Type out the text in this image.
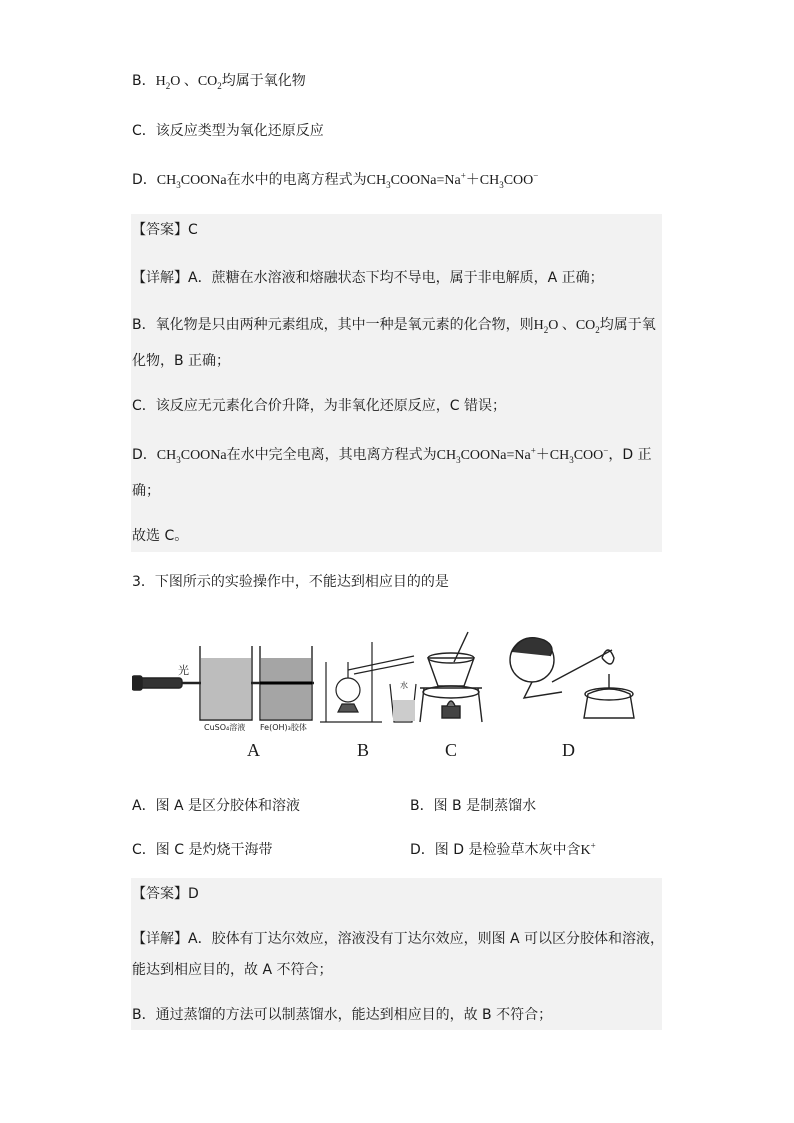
B．$H_2O$ 、$CO_2$均属于氧化物
C．该反应类型为氧化还原反应
D．$CH_3COONa$在水中的电离方程式为$CH_3COONa=Na^++CH_3COO^-$
【答案】C
【详解】A．蔗糖在水溶液和熔融状态下均不导电，属于非电解质，A 正确；
B．氧化物是只由两种元素组成，其中一种是氧元素的化合物，则$H_2O$ 、$CO_2$均属于氧
化物，B 正确；
C．该反应无元素化合价升降，为非氧化还原反应，C 错误；
D．$CH_3COONa$在水中完全电离，其电离方程式为$CH_3COONa=Na^++CH_3COO^-$，D 正
确；
故选 C。
3．下图所示的实验操作中，不能达到相应目的的是
光
CuSO₄溶液 Fe(OH)₃胶体
水
A	B	C	D
A．图 A 是区分胶体和溶液	B．图 B 是制蒸馏水
C．图 C 是灼烧干海带	D．图 D 是检验草木灰中含K+
【答案】D
【详解】A．胶体有丁达尔效应，溶液没有丁达尔效应，则图 A 可以区分胶体和溶液，
能达到相应目的，故 A 不符合；
B．通过蒸馏的方法可以制蒸馏水，能达到相应目的，故 B 不符合；
